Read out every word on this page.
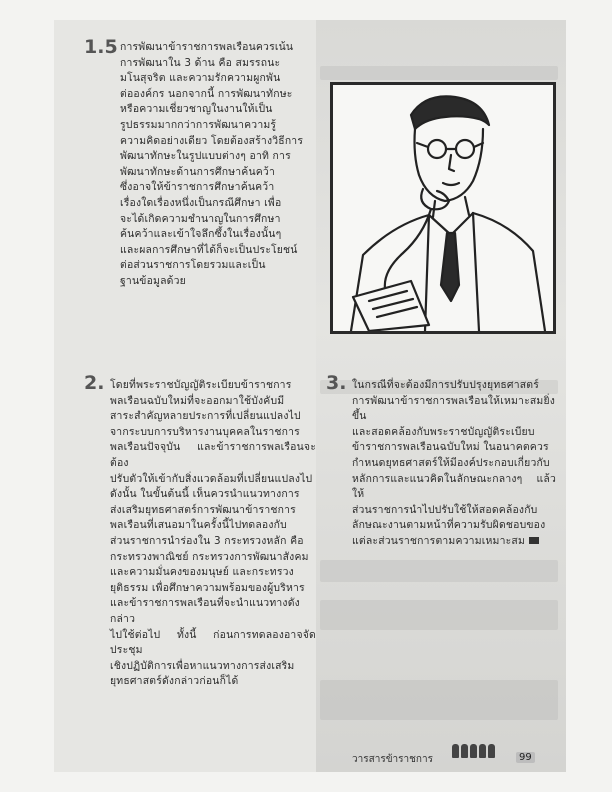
1.5 การพัฒนาข้าราชการพลเรือนควรเน้น
การพัฒนาใน 3 ด้าน คือ สมรรถนะ
มโนสุจริต และความรักความผูกพัน
ต่อองค์กร นอกจากนี้ การพัฒนาทักษะ
หรือความเชี่ยวชาญในงานให้เป็น
รูปธรรมมากกว่าการพัฒนาความรู้
ความคิดอย่างเดียว โดยต้องสร้างวิธีการ
พัฒนาทักษะในรูปแบบต่างๆ อาทิ การ
พัฒนาทักษะด้านการศึกษาค้นคว้า
ซึ่งอาจให้ข้าราชการศึกษาค้นคว้า
เรื่องใดเรื่องหนึ่งเป็นกรณีศึกษา เพื่อ
จะได้เกิดความชำนาญในการศึกษา
ค้นคว้าและเข้าใจลึกซึ้งในเรื่องนั้นๆ
และผลการศึกษาที่ได้ก็จะเป็นประโยชน์
ต่อส่วนราชการโดยรวมและเป็น
ฐานข้อมูลด้วย
2. โดยที่พระราชบัญญัติระเบียบข้าราชการ
พลเรือนฉบับใหม่ที่จะออกมาใช้บังคับมี
สาระสำคัญหลายประการที่เปลี่ยนแปลงไป
จากระบบการบริหารงานบุคคลในราชการ
พลเรือนปัจจุบัน และข้าราชการพลเรือนจะต้อง
ปรับตัวให้เข้ากับสิ่งแวดล้อมที่เปลี่ยนแปลงไป
ดังนั้น ในขั้นต้นนี้ เห็นควรนำแนวทางการ
ส่งเสริมยุทธศาสตร์การพัฒนาข้าราชการ
พลเรือนที่เสนอมาในครั้งนี้ไปทดลองกับ
ส่วนราชการนำร่องใน 3 กระทรวงหลัก คือ
กระทรวงพาณิชย์ กระทรวงการพัฒนาสังคม
และความมั่นคงของมนุษย์ และกระทรวง
ยุติธรรม เพื่อศึกษาความพร้อมของผู้บริหาร
และข้าราชการพลเรือนที่จะนำแนวทางดังกล่าว
ไปใช้ต่อไป ทั้งนี้ ก่อนการทดลองอาจจัดประชุม
เชิงปฏิบัติการเพื่อหาแนวทางการส่งเสริม
ยุทธศาสตร์ดังกล่าวก่อนก็ได้
3. ในกรณีที่จะต้องมีการปรับปรุงยุทธศาสตร์
การพัฒนาข้าราชการพลเรือนให้เหมาะสมยิ่งขึ้น
และสอดคล้องกับพระราชบัญญัติระเบียบ
ข้าราชการพลเรือนฉบับใหม่ ในอนาคตควร
กำหนดยุทธศาสตร์ให้มีองค์ประกอบเกี่ยวกับ
หลักการและแนวคิดในลักษณะกลางๆ แล้วให้
ส่วนราชการนำไปปรับใช้ให้สอดคล้องกับ
ลักษณะงานตามหน้าที่ความรับผิดชอบของ
แต่ละส่วนราชการตามความเหมาะสม
วารสารข้าราชการ	99
